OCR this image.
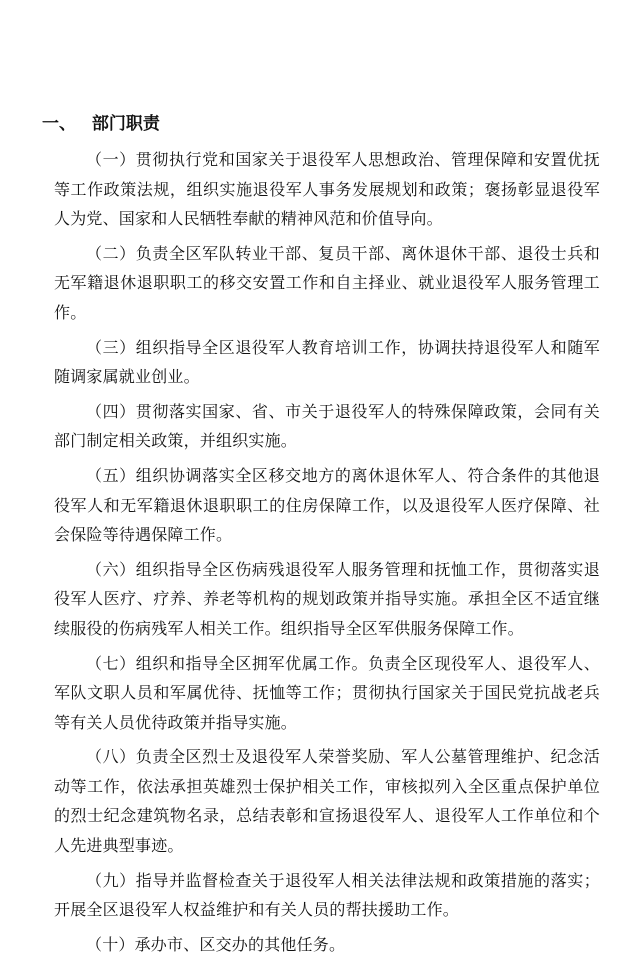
一、 部门职责

（一）贯彻执行党和国家关于退役军人思想政治、管理保障和安置优抚等工作政策法规，组织实施退役军人事务发展规划和政策；褒扬彰显退役军人为党、国家和人民牺牲奉献的精神风范和价值导向。

（二）负责全区军队转业干部、复员干部、离休退休干部、退役士兵和无军籍退休退职职工的移交安置工作和自主择业、就业退役军人服务管理工作。

（三）组织指导全区退役军人教育培训工作，协调扶持退役军人和随军随调家属就业创业。

（四）贯彻落实国家、省、市关于退役军人的特殊保障政策，会同有关部门制定相关政策，并组织实施。

（五）组织协调落实全区移交地方的离休退休军人、符合条件的其他退役军人和无军籍退休退职职工的住房保障工作，以及退役军人医疗保障、社会保险等待遇保障工作。

（六）组织指导全区伤病残退役军人服务管理和抚恤工作，贯彻落实退役军人医疗、疗养、养老等机构的规划政策并指导实施。承担全区不适宜继续服役的伤病残军人相关工作。组织指导全区军供服务保障工作。

（七）组织和指导全区拥军优属工作。负责全区现役军人、退役军人、军队文职人员和军属优待、抚恤等工作；贯彻执行国家关于国民党抗战老兵等有关人员优待政策并指导实施。

（八）负责全区烈士及退役军人荣誉奖励、军人公墓管理维护、纪念活动等工作，依法承担英雄烈士保护相关工作，审核拟列入全区重点保护单位的烈士纪念建筑物名录，总结表彰和宣扬退役军人、退役军人工作单位和个人先进典型事迹。

（九）指导并监督检查关于退役军人相关法律法规和政策措施的落实；开展全区退役军人权益维护和有关人员的帮扶援助工作。

（十）承办市、区交办的其他任务。
